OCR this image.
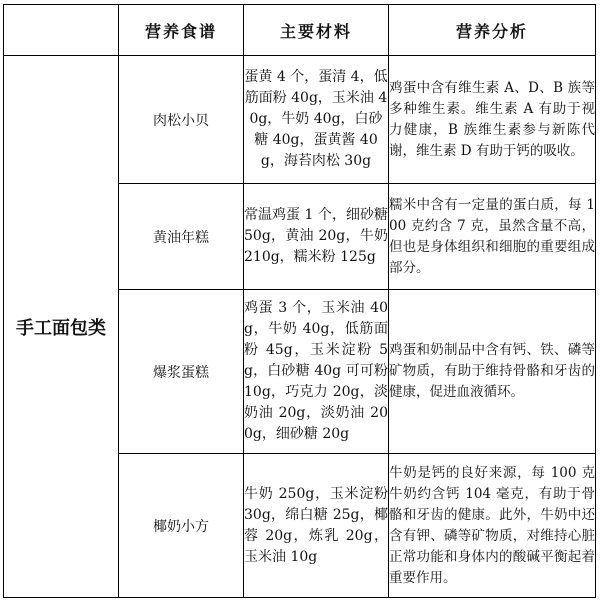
	营养食谱	主要材料	营养分析
手工面包类	肉松小贝	蛋黄 4 个，蛋清 4，低筋面粉 40g，玉米油 40g，牛奶 40g，白砂糖 40g，蛋黄酱 40g，海苔肉松 30g	鸡蛋中含有维生素 A、D、B 族等多种维生素。维生素 A 有助于视力健康，B 族维生素参与新陈代谢，维生素 D 有助于钙的吸收。
	黄油年糕	常温鸡蛋 1 个，细砂糖 50g，黄油 20g，牛奶 210g，糯米粉 125g	糯米中含有一定量的蛋白质，每 100 克约含 7 克，虽然含量不高，但也是身体组织和细胞的重要组成部分。
	爆浆蛋糕	鸡蛋 3 个，玉米油 40g，牛奶 40g，低筋面粉 45g，玉米淀粉 5g，白砂糖 40g 可可粉 10g，巧克力 20g，淡奶油 20g，淡奶油 200g，细砂糖 20g	鸡蛋和奶制品中含有钙、铁、磷等矿物质，有助于维持骨骼和牙齿的健康，促进血液循环。
	椰奶小方	牛奶 250g，玉米淀粉 30g，绵白糖 25g，椰蓉 20g，炼乳 20g，玉米油 10g	牛奶是钙的良好来源，每 100 克牛奶约含钙 104 毫克，有助于骨骼和牙齿的健康。此外，牛奶中还含有钾、磷等矿物质，对维持心脏正常功能和身体内的酸碱平衡起着重要作用。
